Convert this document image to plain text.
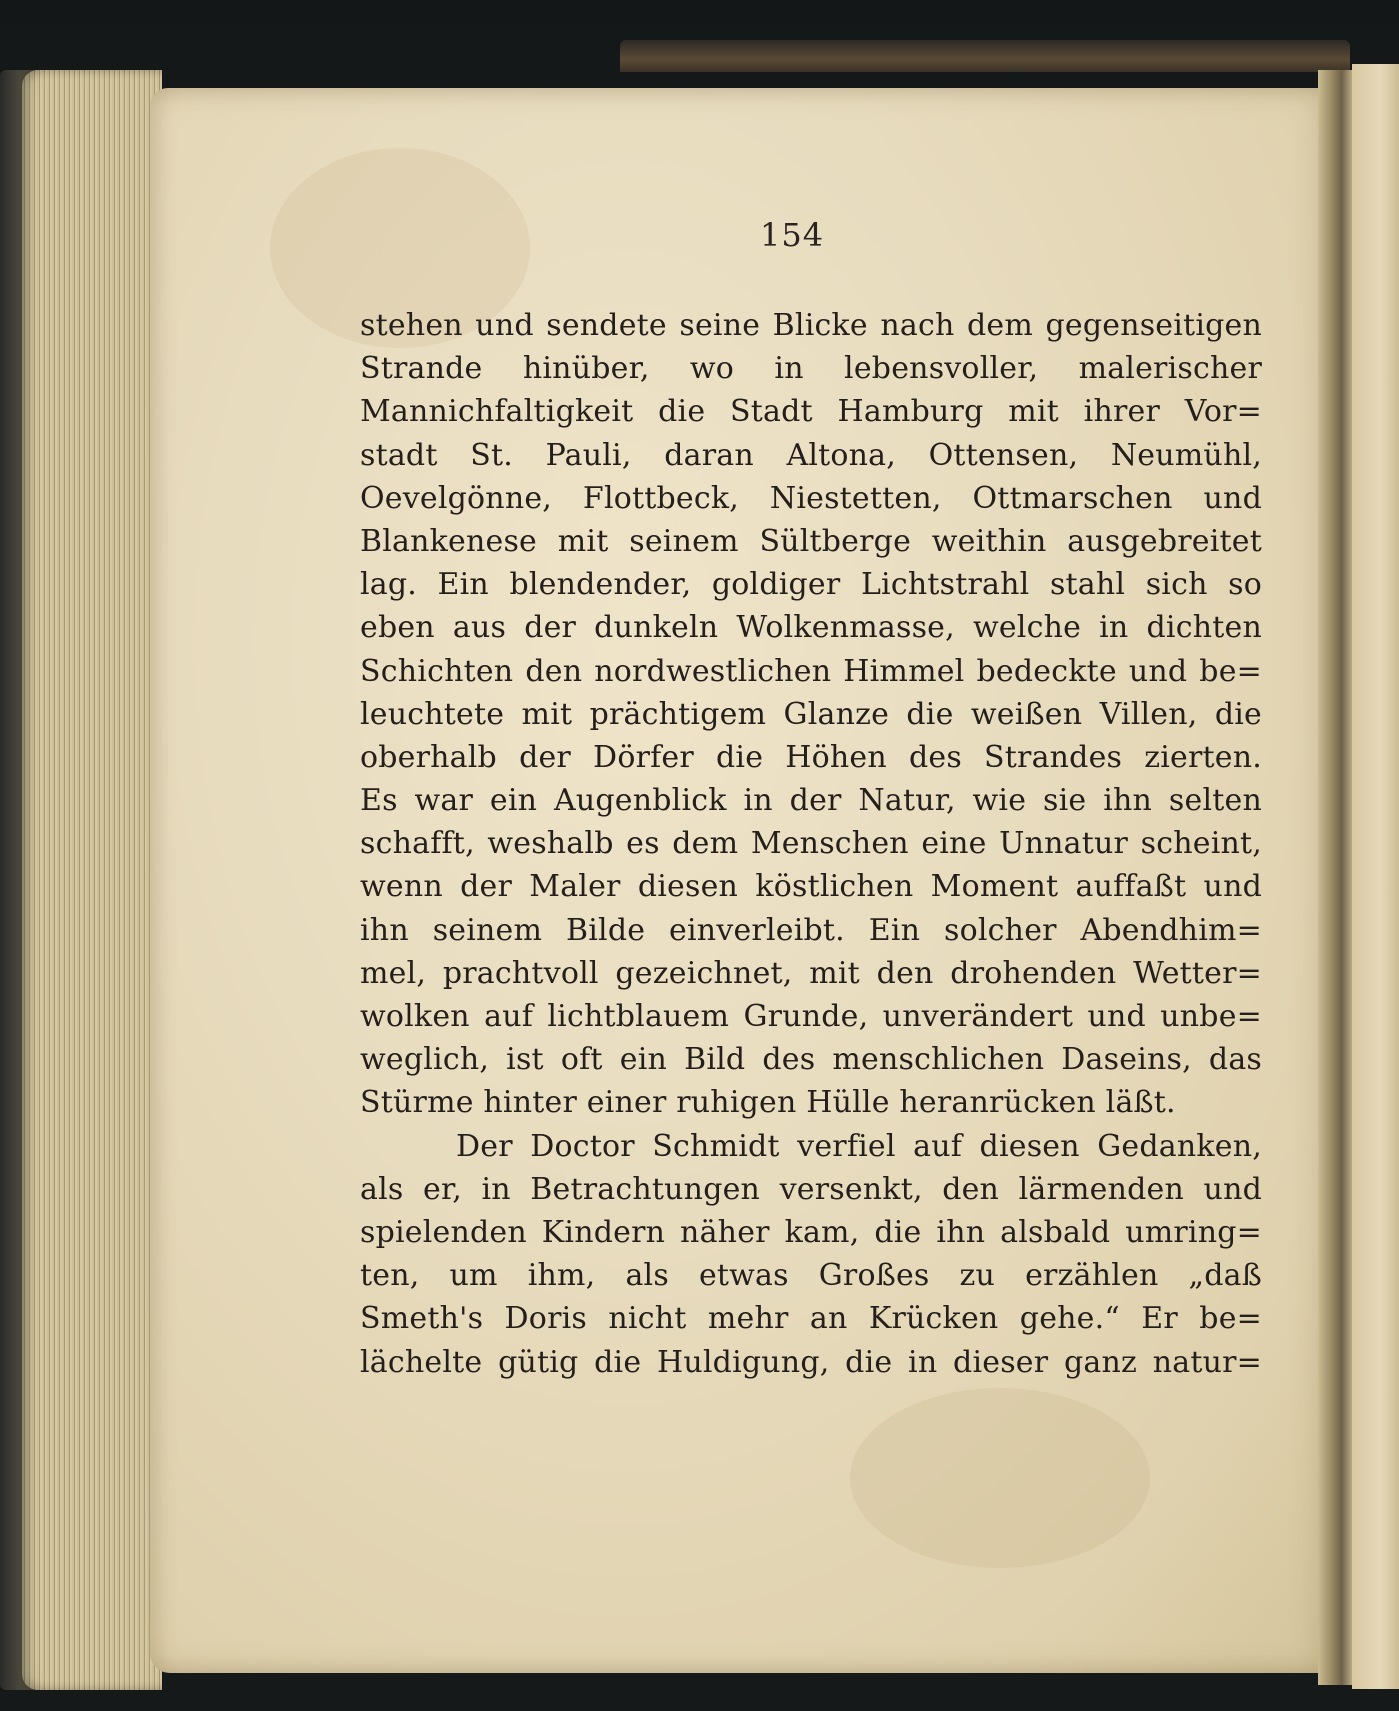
154
stehen und sendete seine Blicke nach dem gegenseitigen
Strande hinüber, wo in lebensvoller, malerischer
Mannichfaltigkeit die Stadt Hamburg mit ihrer Vor=
stadt St. Pauli, daran Altona, Ottensen, Neumühl,
Oevelgönne, Flottbeck, Niestetten, Ottmarschen und
Blankenese mit seinem Sültberge weithin ausgebreitet
lag. Ein blendender, goldiger Lichtstrahl stahl sich so
eben aus der dunkeln Wolkenmasse, welche in dichten
Schichten den nordwestlichen Himmel bedeckte und be=
leuchtete mit prächtigem Glanze die weißen Villen, die
oberhalb der Dörfer die Höhen des Strandes zierten.
Es war ein Augenblick in der Natur, wie sie ihn selten
schafft, weshalb es dem Menschen eine Unnatur scheint,
wenn der Maler diesen köstlichen Moment auffaßt und
ihn seinem Bilde einverleibt. Ein solcher Abendhim=
mel, prachtvoll gezeichnet, mit den drohenden Wetter=
wolken auf lichtblauem Grunde, unverändert und unbe=
weglich, ist oft ein Bild des menschlichen Daseins, das
Stürme hinter einer ruhigen Hülle heranrücken läßt.
Der Doctor Schmidt verfiel auf diesen Gedanken,
als er, in Betrachtungen versenkt, den lärmenden und
spielenden Kindern näher kam, die ihn alsbald umring=
ten, um ihm, als etwas Großes zu erzählen „daß
Smeth's Doris nicht mehr an Krücken gehe.“ Er be=
lächelte gütig die Huldigung, die in dieser ganz natur=
